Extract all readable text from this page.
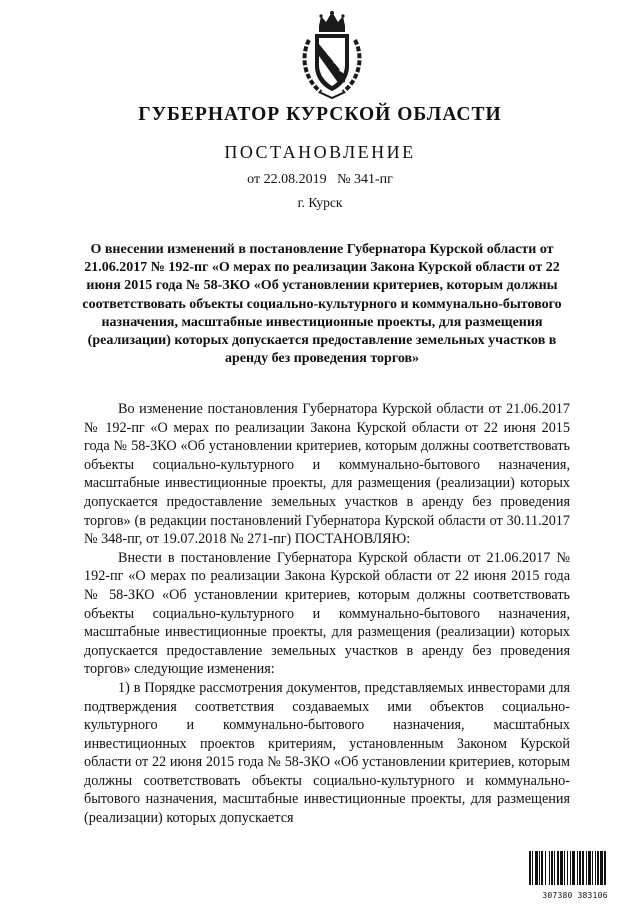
ГУБЕРНАТОР КУРСКОЙ ОБЛАСТИ
ПОСТАНОВЛЕНИЕ
от 22.08.2019 № 341-пг
г. Курск
О внесении изменений в постановление Губернатора Курской области от 21.06.2017 № 192-пг «О мерах по реализации Закона Курской области от 22 июня 2015 года № 58-ЗКО «Об установлении критериев, которым должны соответствовать объекты социально-культурного и коммунально-бытового назначения, масштабные инвестиционные проекты, для размещения (реализации) которых допускается предоставление земельных участков в аренду без проведения торгов»

Во изменение постановления Губернатора Курской области от 21.06.2017 № 192-пг «О мерах по реализации Закона Курской области от 22 июня 2015 года № 58-ЗКО «Об установлении критериев, которым должны соответствовать объекты социально-культурного и коммунально-бытового назначения, масштабные инвестиционные проекты, для размещения (реализации) которых допускается предоставление земельных участков в аренду без проведения торгов» (в редакции постановлений Губернатора Курской области от 30.11.2017 № 348-пг, от 19.07.2018 № 271-пг) ПОСТАНОВЛЯЮ:

Внести в постановление Губернатора Курской области от 21.06.2017 № 192-пг «О мерах по реализации Закона Курской области от 22 июня 2015 года № 58-ЗКО «Об установлении критериев, которым должны соответствовать объекты социально-культурного и коммунально-бытового назначения, масштабные инвестиционные проекты, для размещения (реализации) которых допускается предоставление земельных участков в аренду без проведения торгов» следующие изменения:

1) в Порядке рассмотрения документов, представляемых инвесторами для подтверждения соответствия создаваемых ими объектов социально-культурного и коммунально-бытового назначения, масштабных инвестиционных проектов критериям, установленным Законом Курской области от 22 июня 2015 года № 58-ЗКО «Об установлении критериев, которым должны соответствовать объекты социально-культурного и коммунально-бытового назначения, масштабные инвестиционные проекты, для размещения (реализации) которых допускается

307380 383106
